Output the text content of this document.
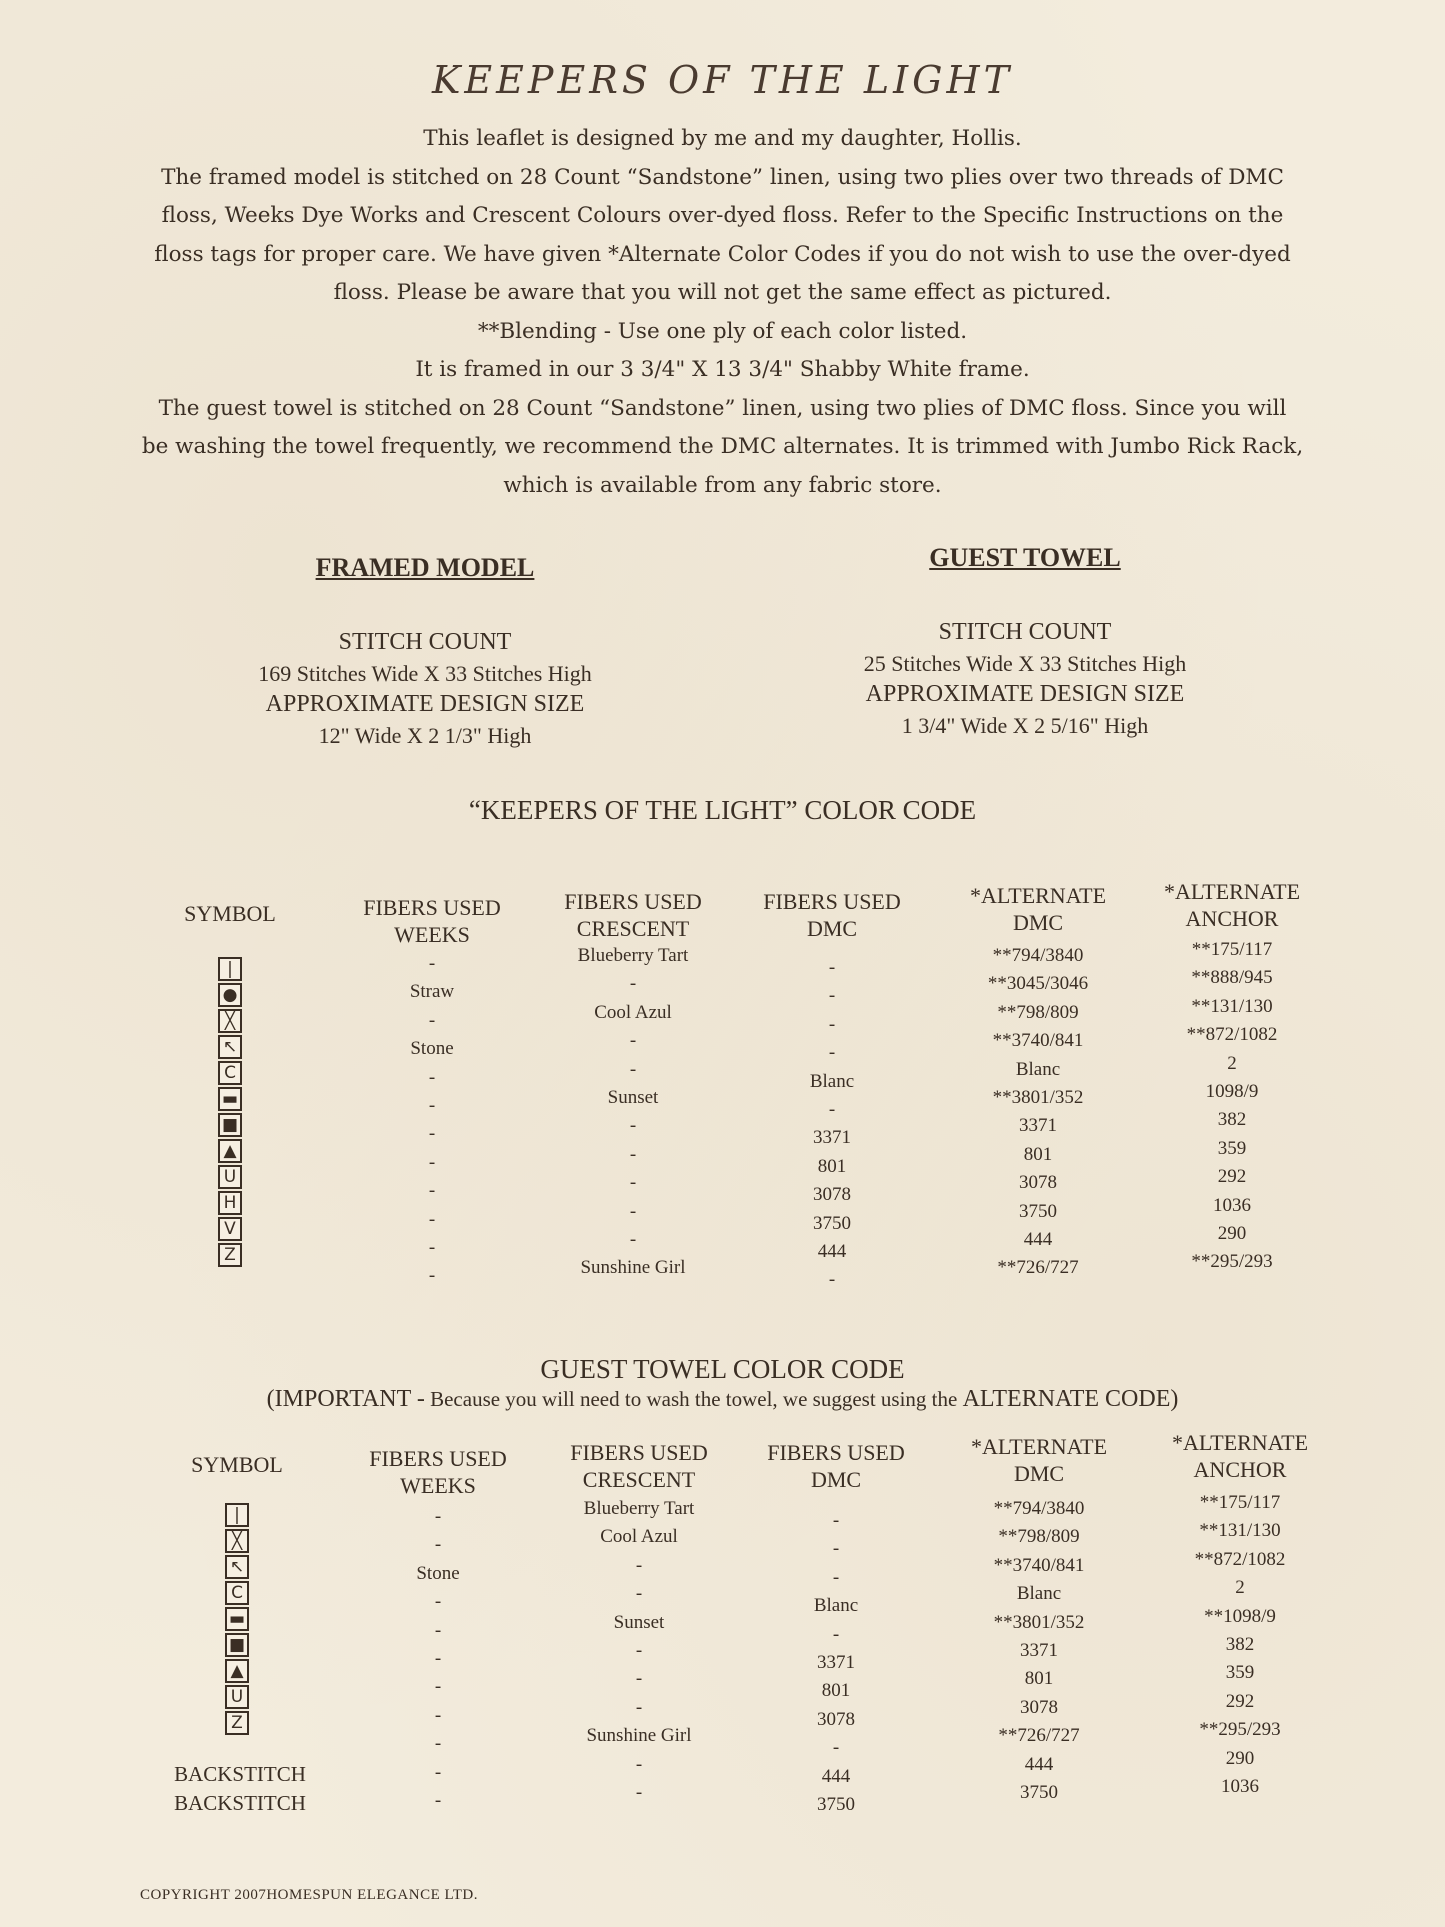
KEEPERS OF THE LIGHT

This leaflet is designed by me and my daughter, Hollis.

The framed model is stitched on 28 Count “Sandstone” linen, using two plies over two threads of DMC

floss, Weeks Dye Works and Crescent Colours over-dyed floss. Refer to the Specific Instructions on the

floss tags for proper care. We have given *Alternate Color Codes if you do not wish to use the over-dyed

floss. Please be aware that you will not get the same effect as pictured.

**Blending - Use one ply of each color listed.

It is framed in our 3 3/4" X 13 3/4" Shabby White frame.

The guest towel is stitched on 28 Count “Sandstone” linen, using two plies of DMC floss. Since you will

be washing the towel frequently, we recommend the DMC alternates. It is trimmed with Jumbo Rick Rack,

which is available from any fabric store.

FRAMED MODEL
STITCH COUNT
169 Stitches Wide X 33 Stitches High
APPROXIMATE DESIGN SIZE
12" Wide X 2 1/3" High
GUEST TOWEL
STITCH COUNT
25 Stitches Wide X 33 Stitches High
APPROXIMATE DESIGN SIZE
1 3/4" Wide X 2 5/16" High
“KEEPERS OF THE LIGHT” COLOR CODE
SYMBOL	FIBERS USED
WEEKS
FIBERS USED
CRESCENT
FIBERS USED
DMC
*ALTERNATE
DMC
*ALTERNATE
ANCHOR
|
●
╳
↖
C
▬
■
▲
U
H
V
Z
-
Straw
-
Stone
-
-
-
-
-
-
-
-
Blueberry Tart
-
Cool Azul
-
-
Sunset
-
-
-
-
-
Sunshine Girl
-
-
-
-
Blanc
-
3371
801
3078
3750
444
-
**794/3840
**3045/3046
**798/809
**3740/841
Blanc
**3801/352
3371
801
3078
3750
444
**726/727
**175/117
**888/945
**131/130
**872/1082
2
1098/9
382
359
292
1036
290
**295/293
GUEST TOWEL COLOR CODE
(IMPORTANT - Because you will need to wash the towel, we suggest using the ALTERNATE CODE)
SYMBOL	FIBERS USED
WEEKS
FIBERS USED
CRESCENT
FIBERS USED
DMC
*ALTERNATE
DMC
*ALTERNATE
ANCHOR
|
╳
↖
C
▬
■
▲
U
Z
-
-
Stone
-
-
-
-
-
-
-
-
Blueberry Tart
Cool Azul
-
-
Sunset
-
-
-
Sunshine Girl
-
-
-
-
-
Blanc
-
3371
801
3078
-
444
3750
**794/3840
**798/809
**3740/841
Blanc
**3801/352
3371
801
3078
**726/727
444
3750
**175/117
**131/130
**872/1082
2
**1098/9
382
359
292
**295/293
290
1036
BACKSTITCH
BACKSTITCH
COPYRIGHT 2007HOMESPUN ELEGANCE LTD.
